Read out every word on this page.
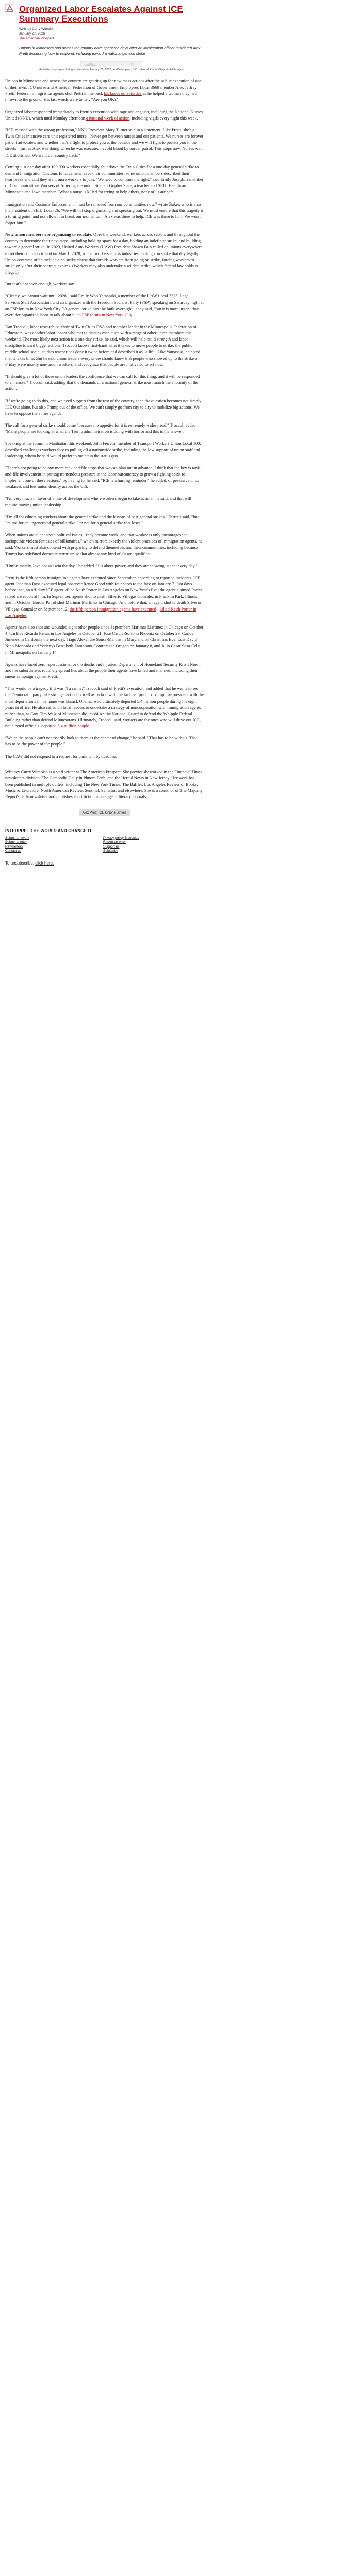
Organized Labor Escalates Against ICE Summary Executions
Whitney Curry Wimbish
January 27, 2026
The American Prospect

Unions in Minnesota and across the country have spent the days after an immigration officer murdered Alex Pretti discussing how to respond, including toward a national general strike

Activists carry signs during a protest on January 26, 2026, in Washington, D.C. - Probal Rashid/Sipa via AP Images

Unions in Minnesota and across the country are gearing up for new mass actions after the public execution of one of their own, ICU nurse and American Federation of Government Employees Local 3669 member Alex Jeffrey Pretti. Federal immigration agents shot Pretti in the back his knees on Saturday as he helped a woman they had thrown to the ground. His last words were to her: "Are you OK?"

Organized labor responded immediately to Pretti's execution with rage and anguish, including the National Nurses United (NNU), which until Monday afternoon a national week of action, including vigils every night this week.

"ICE messed with the wrong profession," NNU President Mary Turner said in a statement. Like Pretti, she's a Twin Cities intensive care unit registered nurse. "Never get between nurses and our patients. We nurses are forever patient advocates, and whether that's a fight to protect you at the bedside and we will fight to protect you in the streets—just as Alex was doing when he was executed in cold blood by border patrol. This stops now. Nurses want ICE abolished. We want our country back."

Coming just one day after 100,000 workers essentially shut down the Twin Cities for a one-day general strike to demand Immigration Customs Enforcement leave their communities, some union members described their heartbreak and said they want more workers to join. "We need to continue the fight," said Emily Joseph, a member of Communications Workers of America, the union Sinclair Gopher State, a teacher and SEIU Healthcare Minnesota and Iowa member. "What a nurse is killed for trying to help others, none of us are safe."

Immigration and Customs Enforcement "must be removed from our communities now," wrote Baker, who is also the president of SEIU Local 26. "We will not stop organizing and speaking out. We must ensure that this tragedy is a turning point, and not allow it to break our momentum. Alex was there to help. ICE was there to hurt. We won't forget him."

Now union members are organizing to escalate. Over the weekend, workers across sectors and throughout the country to determine their next steps, including holding space for a day, holding an indefinite strike, and building toward a general strike. In 2023, United Auto Workers (UAW) President Shawn Fain called on unions everywhere to set their contracts to end on May 1, 2028, so that workers across industries could go on strike that day legally. Union contracts often include a no-strike clause that forbids workers from going on strike, forcing workers to strike only after their contract expires. (Workers may also undertake a wildcat strike, which federal law holds is illegal.)

But that's not soon enough, workers say.

"Clearly, we cannot wait until 2028," said Emily Woo Yamasaki, a member of the UAW Local 2325, Legal Services Staff Association, and an organizer with the Freedom Socialist Party (FSP), speaking on Saturday night at an FSP forum in New York City. "A general strike can't be built overnight," they said, "but it is more urgent than ever" for organized labor to talk about it. an FSP forum in New York City

Dan Troccoli, labor research co-chair of Twin Cities DSA and member leader in the Minneapolis Federation of Educators, was another labor leader who met to discuss escalation with a range of other union members this weekend. The most likely next action is a one-day strike, he said, which will help build strength and labor discipline toward bigger actions. Troccoli knows first-hand what it takes to move people to strike; the public middle school social studies teacher has done it twice before and described it as "a lift." Like Yamasaki, he noted that it takes time. But he said union leaders everywhere should know that people who showed up to the strike on Friday were mostly non-union workers, and recognize that people are motivated to act now.

"It should give a lot of these union leaders the confidence that we can call for this thing, and it will be responded to en masse," Troccoli said, adding that the demands of a national general strike must match the enormity of the action.

"If we're going to do this, and we need support from the rest of the country, then the question becomes not simply ICE Out alone, but also Trump out of the office. We can't simply go from city to city to mobilize big actions. We have to oppose the entire agenda."

The call for a general strike should come "because the appetite for it is extremely widespread," Troccoli added. "Many people are looking at what the Trump administration is doing with horror and this is the answer."

Speaking at the forum in Manhattan this weekend, John Ferretti, member of Transport Workers Union Local 100, described challenges workers face to pulling off a nationwide strike, including the low support of union staff and leadership, whom he said would prefer to maintain the status quo.

"There's not going to be any more rank and file stops that we can plan out in advance. I think that the key is rank-and-file involvement in putting tremendous pressure in the labor bureaucracy to grow a fighting spirit to implement one of these actions," by having to, he said. "ICE is a hurting reminder," he added, of pervasive union weakness and low union density across the U.S.

"I'm very much in favor of a line of development where workers begin to take action," he said, and that will require moving union leadership.

"I'm all for educating workers about the general strike and the lessons of past general strikes," Ferretti said, "but I'm not for an ungenerated general strike. I'm not for a general strike that loses."

When unions are silent about political issues, "they become weak, and that weakness only encourages the sociopathic violent fantasies of billionaires," which mirrors exactly the violent practices of immigration agents, he said. Workers must also contend with preparing to defend themselves and their communities, including because Trump has redefined domestic terrorism so that almost any kind of dissent qualifies.

"Unfortunately, love doesn't win the day," he added. "It's about power, and they are showing us that every day."

Pretti is the fifth person immigration agents have executed since September, according to reported incidents. ICE agent Jonathan Ross executed legal observer Renee Good with four shots to the face on January 7. Just days before that, an off-duty ICE agent killed Keith Porter in Los Angeles on New Year's Eve; the agent claimed Porter raised a weapon at him. In September, agents shot to death Silverio Villegas González in Franklin Park, Illinois, and in October, Border Patrol shot Marimar Martinez in Chicago. And before that, an agent shot to death Silverio Villegas-González on September 12. the fifth person immigration agents have executed · killed Keith Porter in Los Angeles

Agents have also shot and wounded eight other people since September: Marimar Martinez in Chicago on October 4, Carlitos Ricardo Parias in Los Angeles in October 21, Jose Garcia-Sorto in Phoenix on October 29, Carlos Jimenez in California the next day, Tiago Alexandre Sousa-Martins in Maryland on Christmas Eve, Luis David Nino-Moncada and Yorlenys Betzabeth Zambrano-Contreras in Oregon on January 8, and Julio Cesar Sosa-Celis in Minneapolis on January 14.

Agents have faced zero repercussions for the deaths and injuries. Department of Homeland Security Kristi Noem and her subordinates routinely spread lies about the people their agents have killed and maimed, including their smear campaign against Pretti.

"This would be a tragedy if it wasn't a crime," Troccoli said of Pretti's execution, and added that he wants to see the Democratic party take stronger action as well as reckon with the fact that prior to Trump, the president with the most deportations in his name was Barack Obama, who ultimately deported 5.4 million people during his eight years in office. He also called on local leaders to undertake a strategy of noncooperation with immigration agents rather than, as Gov. Tim Walz of Minnesota did, mobilize the National Guard to defend the Whipple Federal Building rather than defend Minnesotans. Ultimately, Troccoli said, workers are the ones who will drive out ICE, not elected officials. deported 5.4 million people

"We as the people can't necessarily look to them as the center of change," he said. "That has to be with us. That has to be the power of the people."

The CAW did not respond to a request for comment by deadline.

Whitney Curry Wimbish is a staff writer at The American Prospect. She previously worked in the Financial Times newsletters division, The Cambodia Daily in Phnom Penh, and the Herald News in New Jersey. Her work has been published in multiple outlets, including The New York Times, The Baffler, Los Angeles Review of Books, Music & Literature, North American Review, Sentinel, Semafor, and elsewhere. She is a coauthor of The Majority Report's daily newsletter and publishes short fiction in a range of literary journals.

Alex Pretti ICE Unions Strikes
INTERPRET THE WORLD AND CHANGE IT
Submit an event
Submit a letter
Newsletters
Contact us
Privacy policy & cookies
Report an error
Support us
Subscribe
To unsubscribe, click here.
